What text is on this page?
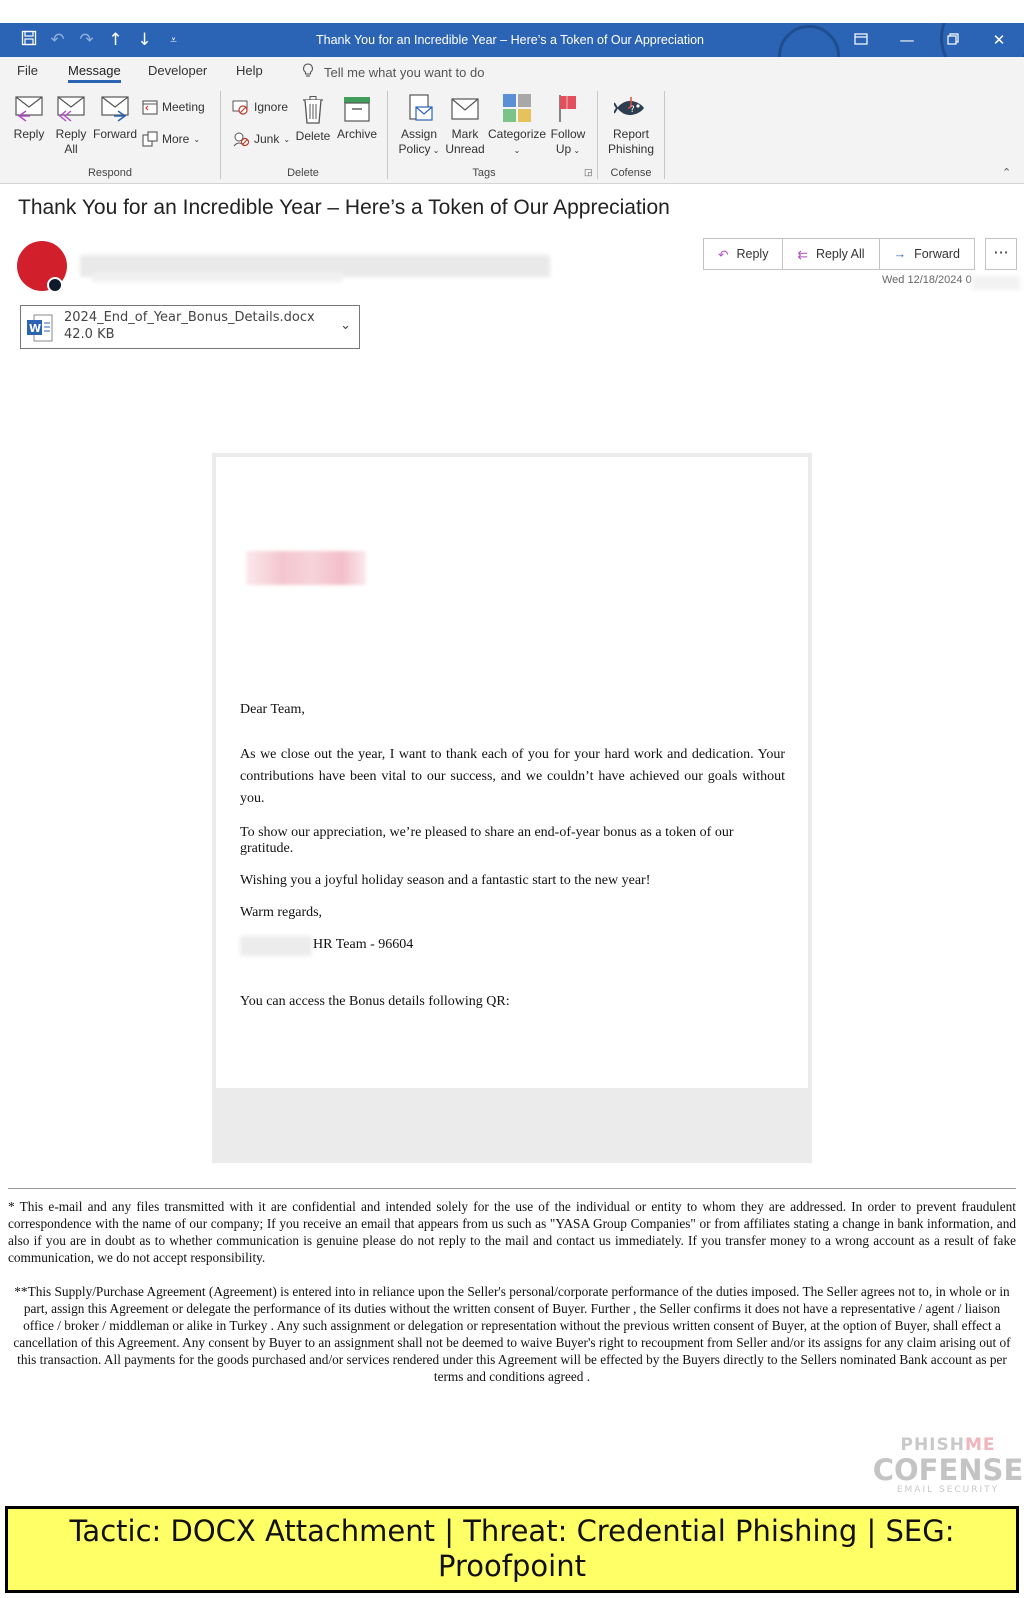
↶ ↷ ↑ ↓	⩡	Thank You for an Incredible Year – Here’s a Token of Our Appreciation	—	✕
File Message Developer Help	Tell me what you want to do
Reply Reply
All
Forward
Meeting
More ⌄
Respond
Ignore
Junk ⌄ Delete Archive
Delete
Assign
Policy ⌄
Mark
Unread
Categorize
⌄
Follow
Up ⌄
Tags	◲
?
Report
Phishing
Cofense	⌃
Thank You for an Incredible Year – Here’s a Token of Our Appreciation
↶ Reply ⇇ Reply All → Forward	···
Wed 12/18/2024 0
W
2024_End_of_Year_Bonus_Details.docx
42.0 KB
⌄
Dear Team,
As we close out the year, I want to thank each of you for your hard work and dedication. Your contributions have been vital to our success, and we couldn’t have achieved our goals without you.
To show our appreciation, we’re pleased to share an end-of-year bonus as a token of our gratitude.
Wishing you a joyful holiday season and a fantastic start to the new year!
Warm regards,
HR Team - 96604
You can access the Bonus details following QR:
* This e-mail and any files transmitted with it are confidential and intended solely for the use of the individual or entity to whom they are addressed. In order to prevent fraudulent correspondence with the name of our company; If you receive an email that appears from us such as "YASA Group Companies" or from affiliates stating a change in bank information, and also if you are in doubt as to whether communication is genuine please do not reply to the mail and contact us immediately. If you transfer money to a wrong account as a result of fake communication, we do not accept responsibility.
**This Supply/Purchase Agreement (Agreement) is entered into in reliance upon the Seller's personal/corporate performance of the duties imposed. The Seller agrees not to, in whole or in part, assign this Agreement or delegate the performance of its duties without the written consent of Buyer. Further , the Seller confirms it does not have a representative / agent / liaison office / broker / middleman or alike in Turkey . Any such assignment or delegation or representation without the previous written consent of Buyer, at the option of Buyer, shall effect a cancellation of this Agreement. Any consent by Buyer to an assignment shall not be deemed to waive Buyer's right to recoupment from Seller and/or its assigns for any claim arising out of this transaction. All payments for the goods purchased and/or services rendered under this Agreement will be effected by the Buyers directly to the Sellers nominated Bank account as per terms and conditions agreed .
PHISHME
COFENSE
EMAIL SECURITY
Tactic: DOCX Attachment | Threat: Credential Phishing | SEG: Proofpoint
